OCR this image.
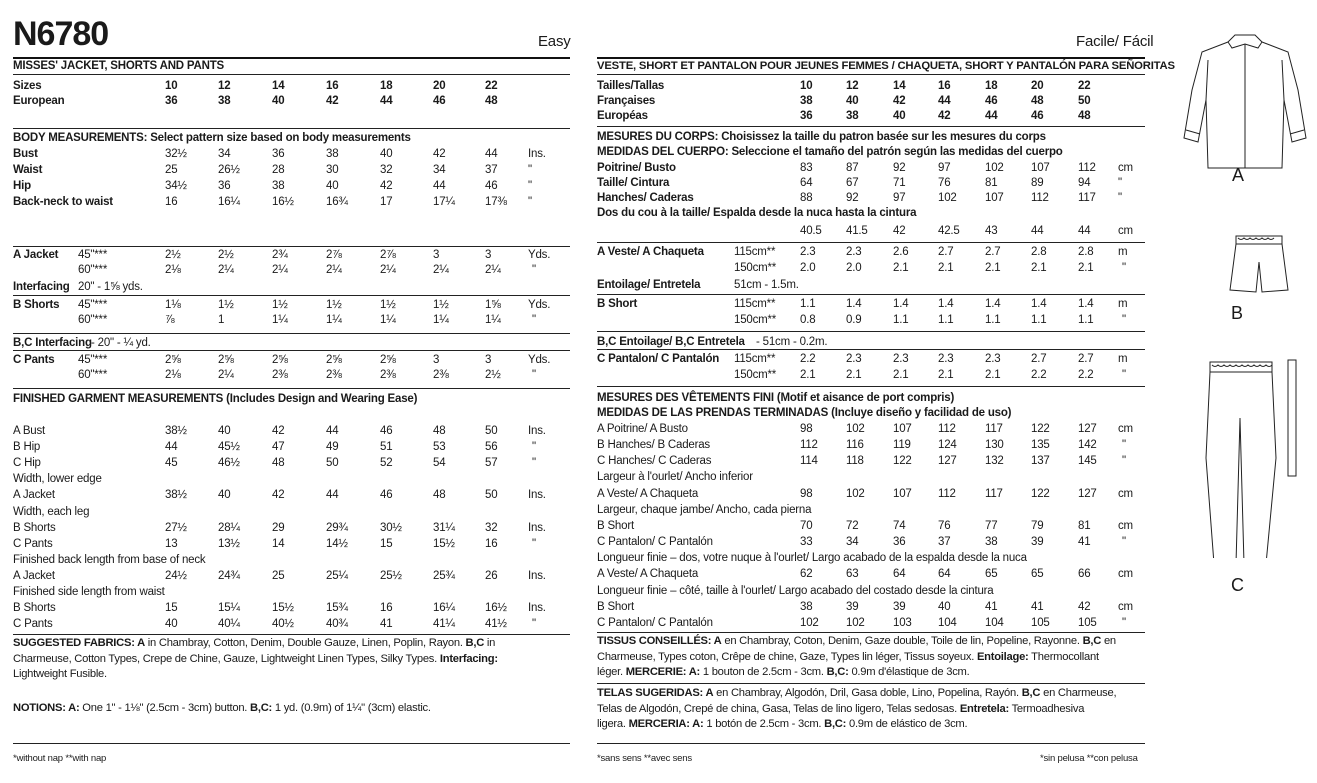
N6780	Easy
MISSES' JACKET, SHORTS AND PANTS
Sizes	10	12	14	16	18	20	22
European	36	38	40	42	44	46	48
BODY MEASUREMENTS: Select pattern size based on body measurements
Bust	32½	34	36	38	40	42	44	Ins.
Waist	25	26½	28	30	32	34	37	"
Hip	34½	36	38	40	42	44	46	"
Back-neck to waist	16	16¼	16½	16¾	17	17¼	17⅜ "
A Jacket 45"***	2½	2½	2¾	2⅞	2⅞	3	3	Yds.
60"***	2⅛	2¼	2¼	2¼	2¼	2¼	2¼	"
Interfacing 20" - 1⅝ yds.
B Shorts 45"***	1⅛	1½	1½	1½	1½	1½	1⅝ Yds.
60"***	⅞	1	1¼	1¼	1¼	1¼	1¼	"
B,C Interfacing - 20" - ¼ yd.
C Pants 45"***	2⅝	2⅝	2⅝	2⅝	2⅝	3	3	Yds.
60"***	2⅛	2¼	2⅜	2⅜	2⅜	2⅜	2½	"
FINISHED GARMENT MEASUREMENTS (Includes Design and Wearing Ease)
A Bust	38½	40	42	44	46	48	50	Ins.
B Hip	44	45½	47	49	51	53	56	"
C Hip	45	46½	48	50	52	54	57	"
Width, lower edge
A Jacket	38½	40	42	44	46	48	50	Ins.
Width, each leg
B Shorts	27½	28¼	29	29¾	30½	31¼	32	Ins.
C Pants	13	13½	14	14½	15	15½	16	"
Finished back length from base of neck
A Jacket	24½	24¾	25	25¼	25½	25¾	26	Ins.
Finished side length from waist
B Shorts	15	15¼	15½	15¾	16	16¼	16½ Ins.
C Pants	40	40¼	40½	40¾	41	41¼	41½ "
SUGGESTED FABRICS: A in Chambray, Cotton, Denim, Double Gauze, Linen, Poplin, Rayon. B,C in
Charmeuse, Cotton Types, Crepe de Chine, Gauze, Lightweight Linen Types, Silky Types. Interfacing:
Lightweight Fusible.
NOTIONS: A: One 1" - 1⅛" (2.5cm - 3cm) button. B,C: 1 yd. (0.9m) of 1¼" (3cm) elastic.
*without nap **with nap
Facile/ Fácil
VESTE, SHORT ET PANTALON POUR JEUNES FEMMES / CHAQUETA, SHORT Y PANTALÓN PARA SEÑORITAS
Tailles/Tallas	10	12	14	16	18	20	22
Françaises	38	40	42	44	46	48	50
Européas	36	38	40	42	44	46	48
MESURES DU CORPS: Choisissez la taille du patron basée sur les mesures du corps
MEDIDAS DEL CUERPO: Seleccione el tamaño del patrón según las medidas del cuerpo
Poitrine/ Busto	83	87	92	97	102 107 112 cm
Taille/ Cintura	64	67	71	76	81	89	94 "
Hanches/ Caderas	88	92	97	102 107 112	117 "
Dos du cou à la taille/ Espalda desde la nuca hasta la cintura
40.5 41.5 42	42.5 43	44	44 cm
A Veste/ A Chaqueta	115cm** 2.3	2.3	2.6	2.7	2.7	2.8	2.8 m
150cm** 2.0	2.0	2.1	2.1	2.1	2.1	2.1 "
Entoilage/ Entretela	51cm - 1.5m.
B Short	115cm** 1.1	1.4	1.4	1.4	1.4	1.4	1.4 m
150cm** 0.8	0.9	1.1	1.1	1.1	1.1	1.1 "
B,C Entoilage/ B,C Entretela - 51cm - 0.2m.
C Pantalon/ C Pantalón 115cm** 2.2	2.3	2.3	2.3	2.3	2.7	2.7 m
150cm** 2.1	2.1	2.1	2.1	2.1	2.2	2.2 "
MESURES DES VÊTEMENTS FINI (Motif et aisance de port compris)
MEDIDAS DE LAS PRENDAS TERMINADAS (Incluye diseño y facilidad de uso)
A Poitrine/ A Busto	98	102 107 112	117 122 127 cm
B Hanches/ B Caderas	112 116	119 124 130 135 142 "
C Hanches/ C Caderas	114 118	122 127 132 137 145 "
Largeur à l'ourlet/ Ancho inferior
A Veste/ A Chaqueta	98	102 107 112	117 122 127 cm
Largeur, chaque jambe/ Ancho, cada pierna
B Short	70	72	74	76	77	79	81 cm
C Pantalon/ C Pantalón	33	34	36	37	38	39	41	"
Longueur finie – dos, votre nuque à l'ourlet/ Largo acabado de la espalda desde la nuca
A Veste/ A Chaqueta	62	63	64	64	65	65	66 cm
Longueur finie – côté, taille à l'ourlet/ Largo acabado del costado desde la cintura
B Short	38	39	39	40	41	41	42 cm
C Pantalon/ C Pantalón	102 102 103 104 104 105 105 "
TISSUS CONSEILLÉS: A en Chambray, Coton, Denim, Gaze double, Toile de lin, Popeline, Rayonne. B,C en
Charmeuse, Types coton, Crêpe de chine, Gaze, Types lin léger, Tissus soyeux. Entoilage: Thermocollant
léger. MERCERIE: A: 1 bouton de 2.5cm - 3cm. B,C: 0.9m d'élastique de 3cm.
TELAS SUGERIDAS: A en Chambray, Algodón, Dril, Gasa doble, Lino, Popelina, Rayón. B,C en Charmeuse,
Telas de Algodón, Crepé de china, Gasa, Telas de lino ligero, Telas sedosas. Entretela: Termoadhesiva
ligera. MERCERIA: A: 1 botón de 2.5cm - 3cm. B,C: 0.9m de elástico de 3cm.
*sans sens **avec sens	*sin pelusa **con pelusa
A
B
C
